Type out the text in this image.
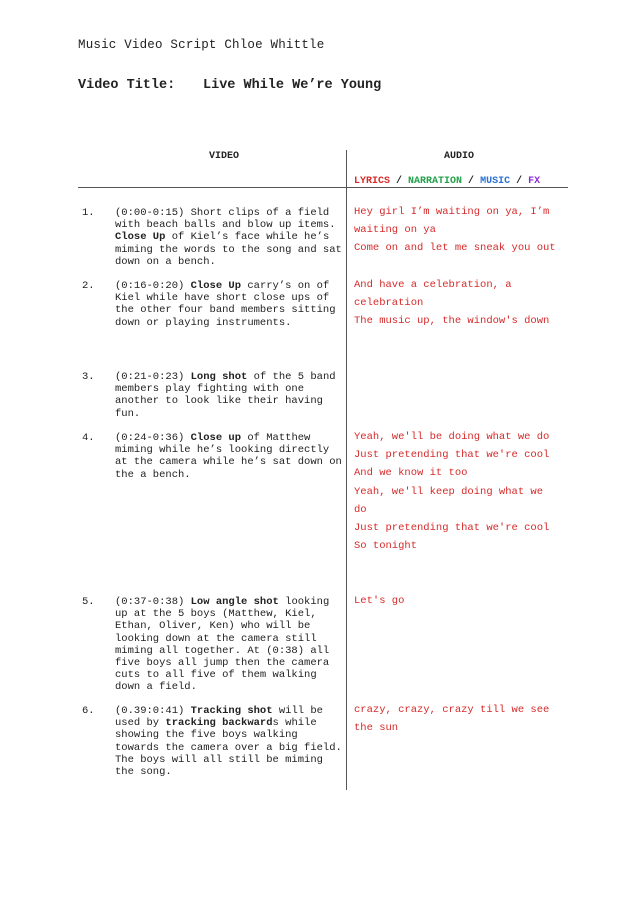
Music Video Script Chloe Whittle
Video Title: Live While We’re Young
VIDEO	AUDIO
LYRICS / NARRATION / MUSIC / FX
1. (0:00-0:15) Short clips of a field with beach balls and blow up items. Close Up of Kiel’s face while he’s miming the words to the song and sat down on a bench.
Hey girl I’m waiting on ya, I’m
waiting on ya
Come on and let me sneak you out
2. (0:16-0:20) Close Up carry’s on of Kiel while have short close ups of the other four band members sitting down or playing instruments.
And have a celebration, a
celebration
The music up, the window's down
3. (0:21-0:23) Long shot of the 5 band members play fighting with one another to look like their having fun.
4. (0:24-0:36) Close up of Matthew miming while he’s looking directly at the camera while he’s sat down on the a bench.
Yeah, we'll be doing what we do
Just pretending that we're cool
And we know it too
Yeah, we'll keep doing what we
do
Just pretending that we're cool
So tonight
5. (0:37-0:38) Low angle shot looking up at the 5 boys (Matthew, Kiel, Ethan, Oliver, Ken) who will be looking down at the camera still miming all together. At (0:38) all five boys all jump then the camera cuts to all five of them walking down a field.
Let's go
6. (0.39:0:41) Tracking shot will be used by tracking backwards while showing the five boys walking towards the camera over a big field. The boys will all still be miming the song.
crazy, crazy, crazy till we see
the sun
